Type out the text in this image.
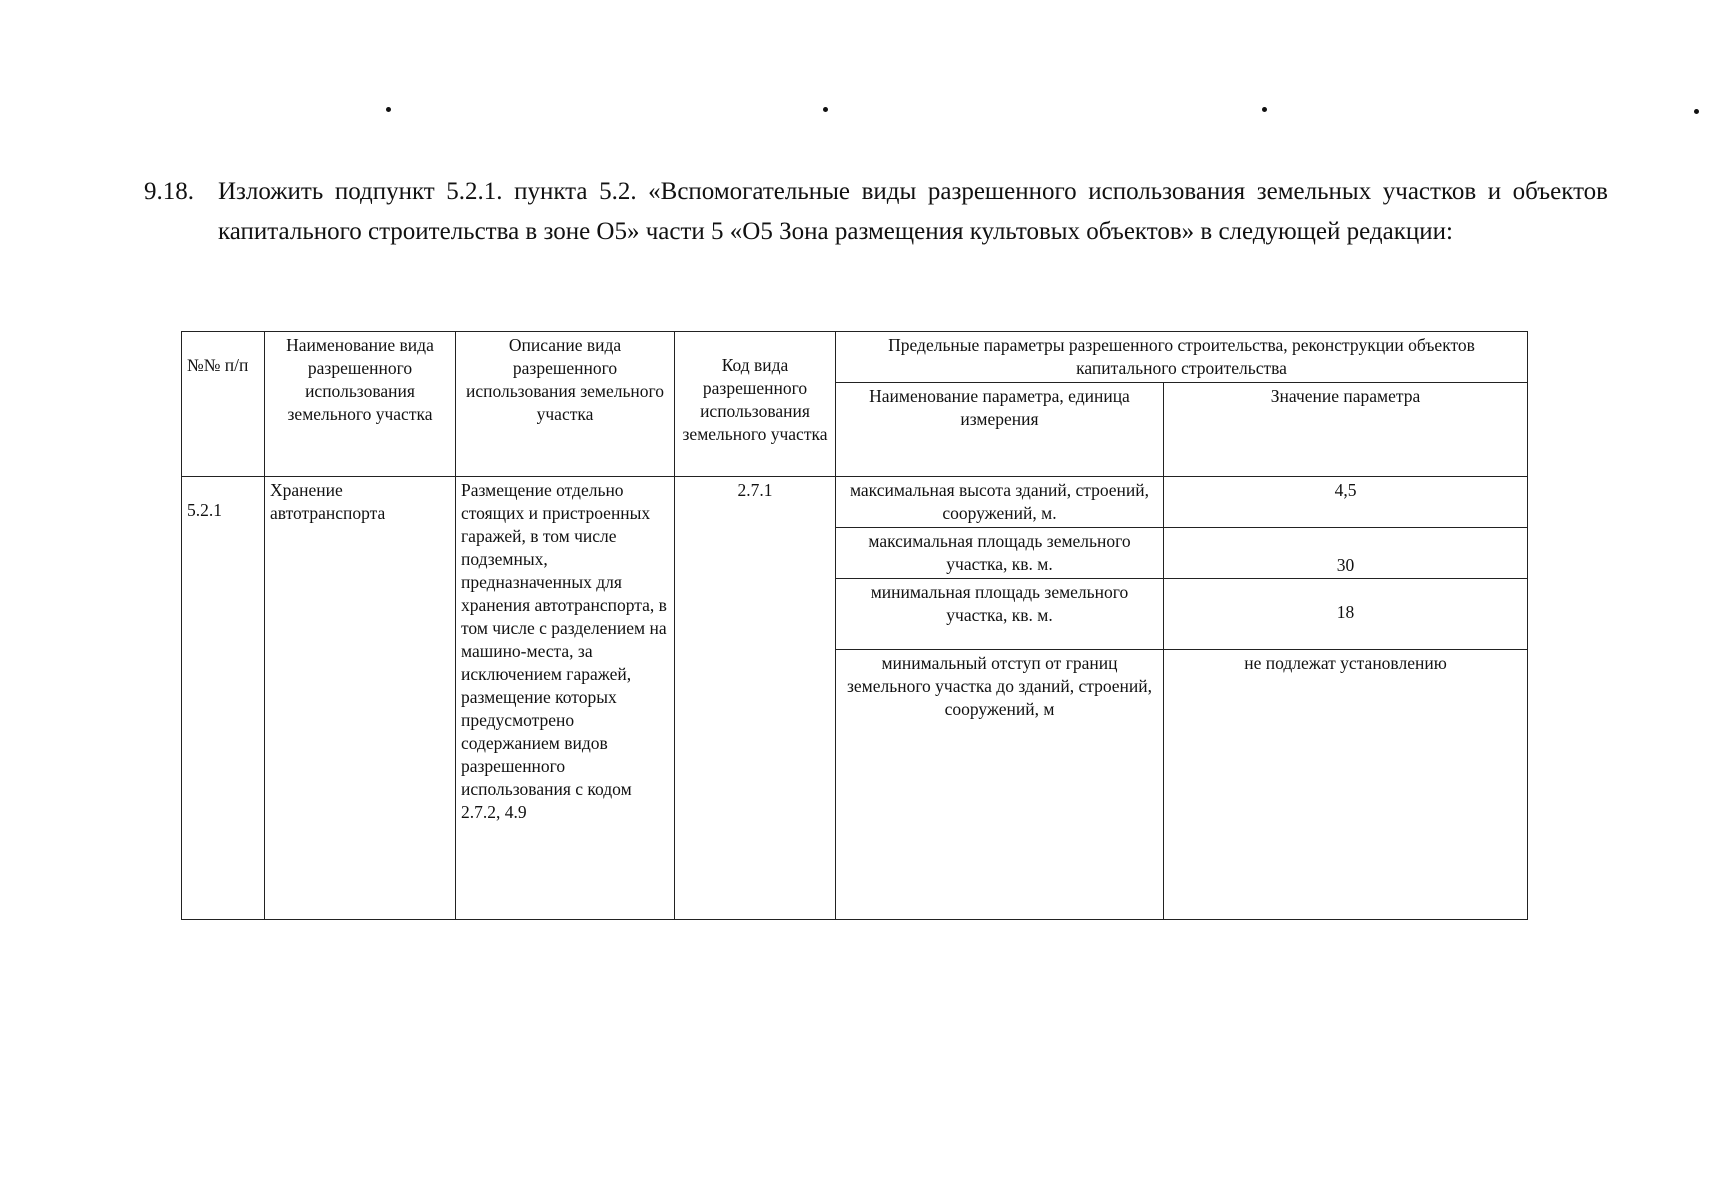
9.18. Изложить подпункт 5.2.1. пункта 5.2. «Вспомогательные виды разрешенного использования земельных участков и объектов капитального строительства в зоне О5» части 5 «О5 Зона размещения культовых объектов» в следующей редакции:
№№ п/п	Наименование вида разрешенного использования земельного участка	Описание вида разрешенного использования земельного участка	Код вида разрешенного использования земельного участка	Предельные параметры разрешенного строительства, реконструкции объектов капитального строительства	
				Наименование параметра, единица измерения	Значение параметра
5.2.1	Хранение автотранспорта	Размещение отдельно стоящих и пристроенных гаражей, в том числе подземных, предназначенных для хранения автотранспорта, в том числе с разделением на машино-места, за исключением гаражей, размещение которых предусмотрено содержанием видов разрешенного использования с кодом 2.7.2, 4.9	2.7.1	максимальная высота зданий, строений, сооружений, м.	4,5
				максимальная площадь земельного участка, кв. м.	30
				минимальная площадь земельного участка, кв. м.	18
				минимальный отступ от границ земельного участка до зданий, строений, сооружений, м	не подлежат установлению
